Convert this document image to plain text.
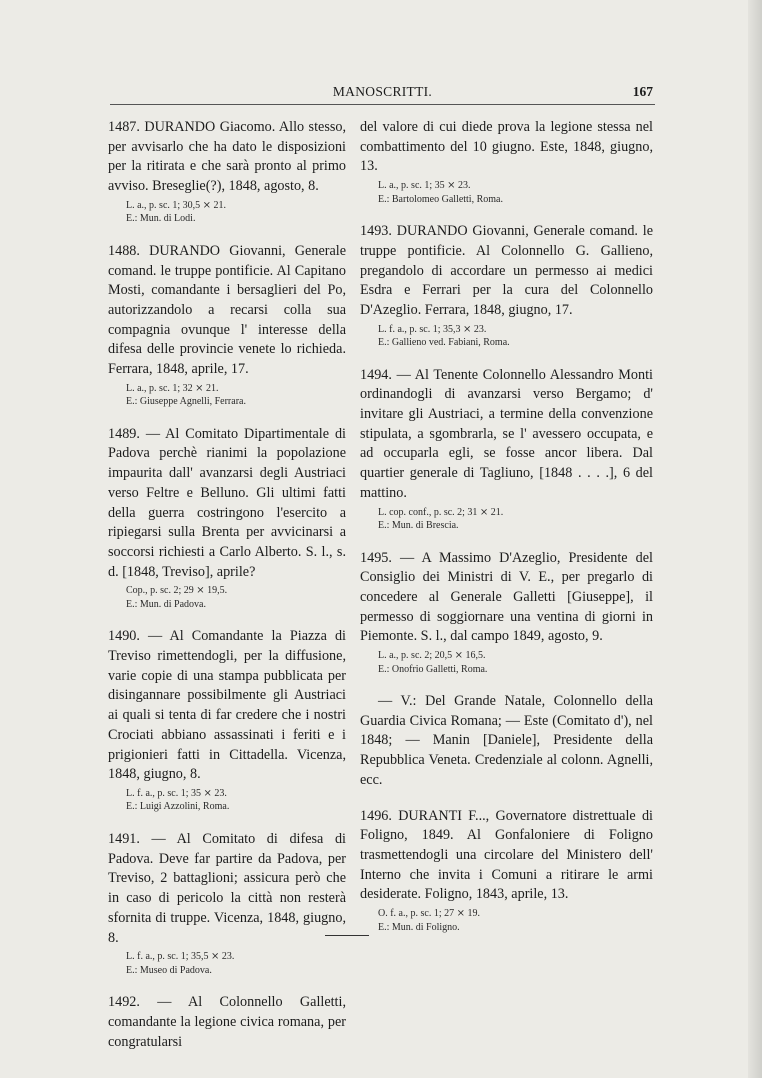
MANOSCRITTI.	167
1487. DURANDO Giacomo. Allo stesso, per avvisarlo che ha dato le disposizioni per la ritirata e che sarà pronto al primo avviso. Breseglie(?), 1848, agosto, 8.
L. a., p. sc. 1; 30,5 ⨯ 21.
E.: Mun. di Lodi.
1488. DURANDO Giovanni, Generale comand. le truppe pontificie. Al Capitano Mosti, comandante i bersaglieri del Po, autorizzandolo a recarsi colla sua compagnia ovunque l' interesse della difesa delle provincie venete lo richieda. Ferrara, 1848, aprile, 17.
L. a., p. sc. 1; 32 ⨯ 21.
E.: Giuseppe Agnelli, Ferrara.
1489. — Al Comitato Dipartimentale di Padova perchè rianimi la popolazione impaurita dall' avanzarsi degli Austriaci verso Feltre e Belluno. Gli ultimi fatti della guerra costringono l'esercito a ripiegarsi sulla Brenta per avvicinarsi a soccorsi richiesti a Carlo Alberto. S. l., s. d. [1848, Treviso], aprile?
Cop., p. sc. 2; 29 ⨯ 19,5.
E.: Mun. di Padova.
1490. — Al Comandante la Piazza di Treviso rimettendogli, per la diffusione, varie copie di una stampa pubblicata per disingannare possibilmente gli Austriaci ai quali si tenta di far credere che i nostri Crociati abbiano assassinati i feriti e i prigionieri fatti in Cittadella. Vicenza, 1848, giugno, 8.
L. f. a., p. sc. 1; 35 ⨯ 23.
E.: Luigi Azzolini, Roma.
1491. — Al Comitato di difesa di Padova. Deve far partire da Padova, per Treviso, 2 battaglioni; assicura però che in caso di pericolo la città non resterà sfornita di truppe. Vicenza, 1848, giugno, 8.
L. f. a., p. sc. 1; 35,5 ⨯ 23.
E.: Museo di Padova.
1492. — Al Colonnello Galletti, comandante la legione civica romana, per congratularsi
del valore di cui diede prova la legione stessa nel combattimento del 10 giugno. Este, 1848, giugno, 13.
L. a., p. sc. 1; 35 ⨯ 23.
E.: Bartolomeo Galletti, Roma.
1493. DURANDO Giovanni, Generale comand. le truppe pontificie. Al Colonnello G. Gallieno, pregandolo di accordare un permesso ai medici Esdra e Ferrari per la cura del Colonnello D'Azeglio. Ferrara, 1848, giugno, 17.
L. f. a., p. sc. 1; 35,3 ⨯ 23.
E.: Gallieno ved. Fabiani, Roma.
1494. — Al Tenente Colonnello Alessandro Monti ordinandogli di avanzarsi verso Bergamo; d' invitare gli Austriaci, a termine della convenzione stipulata, a sgombrarla, se l' avessero occupata, e ad occuparla egli, se fosse ancor libera. Dal quartier generale di Tagliuno, [1848 . . . .], 6 del mattino.
L. cop. conf., p. sc. 2; 31 ⨯ 21.
E.: Mun. di Brescia.
1495. — A Massimo D'Azeglio, Presidente del Consiglio dei Ministri di V. E., per pregarlo di concedere al Generale Galletti [Giuseppe], il permesso di soggiornare una ventina di giorni in Piemonte. S. l., dal campo 1849, agosto, 9.
L. a., p. sc. 2; 20,5 ⨯ 16,5.
E.: Onofrio Galletti, Roma.
— V.: Del Grande Natale, Colonnello della Guardia Civica Romana; — Este (Comitato d'), nel 1848; — Manin [Daniele], Presidente della Repubblica Veneta. Credenziale al colonn. Agnelli, ecc.
1496. DURANTI F..., Governatore distrettuale di Foligno, 1849. Al Gonfaloniere di Foligno trasmettendogli una circolare del Ministero dell' Interno che invita i Comuni a ritirare le armi desiderate. Foligno, 1843, aprile, 13.
O. f. a., p. sc. 1; 27 ⨯ 19.
E.: Mun. di Foligno.
